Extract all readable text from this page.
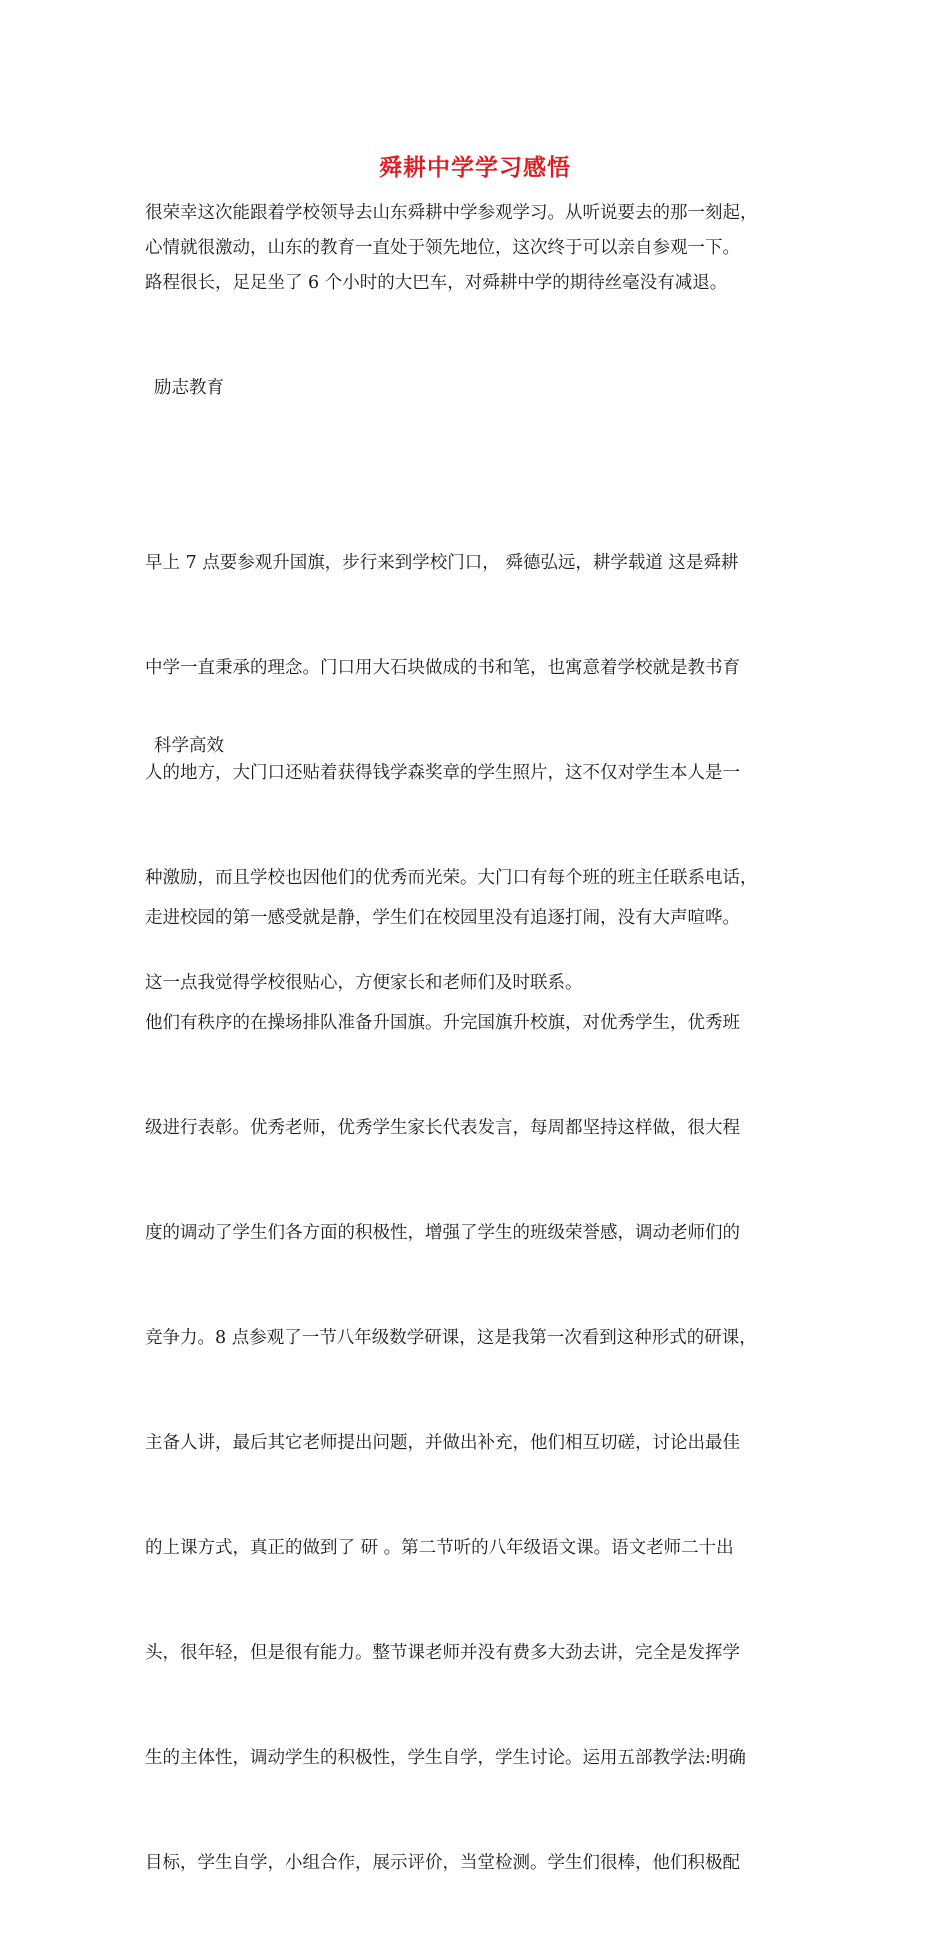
舜耕中学学习感悟
很荣幸这次能跟着学校领导去山东舜耕中学参观学习。从听说要去的那一刻起，
心情就很激动，山东的教育一直处于领先地位，这次终于可以亲自参观一下。
路程很长，足足坐了 6 个小时的大巴车，对舜耕中学的期待丝毫没有减退。
励志教育

早上 7 点要参观升国旗，步行来到学校门口， 舜德弘远，耕学载道 这是舜耕

中学一直秉承的理念。门口用大石块做成的书和笔，也寓意着学校就是教书育

人的地方，大门口还贴着获得钱学森奖章的学生照片，这不仅对学生本人是一

种激励，而且学校也因他们的优秀而光荣。大门口有每个班的班主任联系电话，

这一点我觉得学校很贴心，方便家长和老师们及时联系。

科学高效

走进校园的第一感受就是静，学生们在校园里没有追逐打闹，没有大声喧哗。

他们有秩序的在操场排队准备升国旗。升完国旗升校旗，对优秀学生，优秀班

级进行表彰。优秀老师，优秀学生家长代表发言，每周都坚持这样做，很大程

度的调动了学生们各方面的积极性，增强了学生的班级荣誉感，调动老师们的

竞争力。8 点参观了一节八年级数学研课，这是我第一次看到这种形式的研课，

主备人讲，最后其它老师提出问题，并做出补充，他们相互切磋，讨论出最佳

的上课方式，真正的做到了 研 。第二节听的八年级语文课。语文老师二十出

头，很年轻，但是很有能力。整节课老师并没有费多大劲去讲，完全是发挥学

生的主体性，调动学生的积极性，学生自学，学生讨论。运用五部教学法:明确

目标，学生自学，小组合作，展示评价，当堂检测。学生们很棒，他们积极配
